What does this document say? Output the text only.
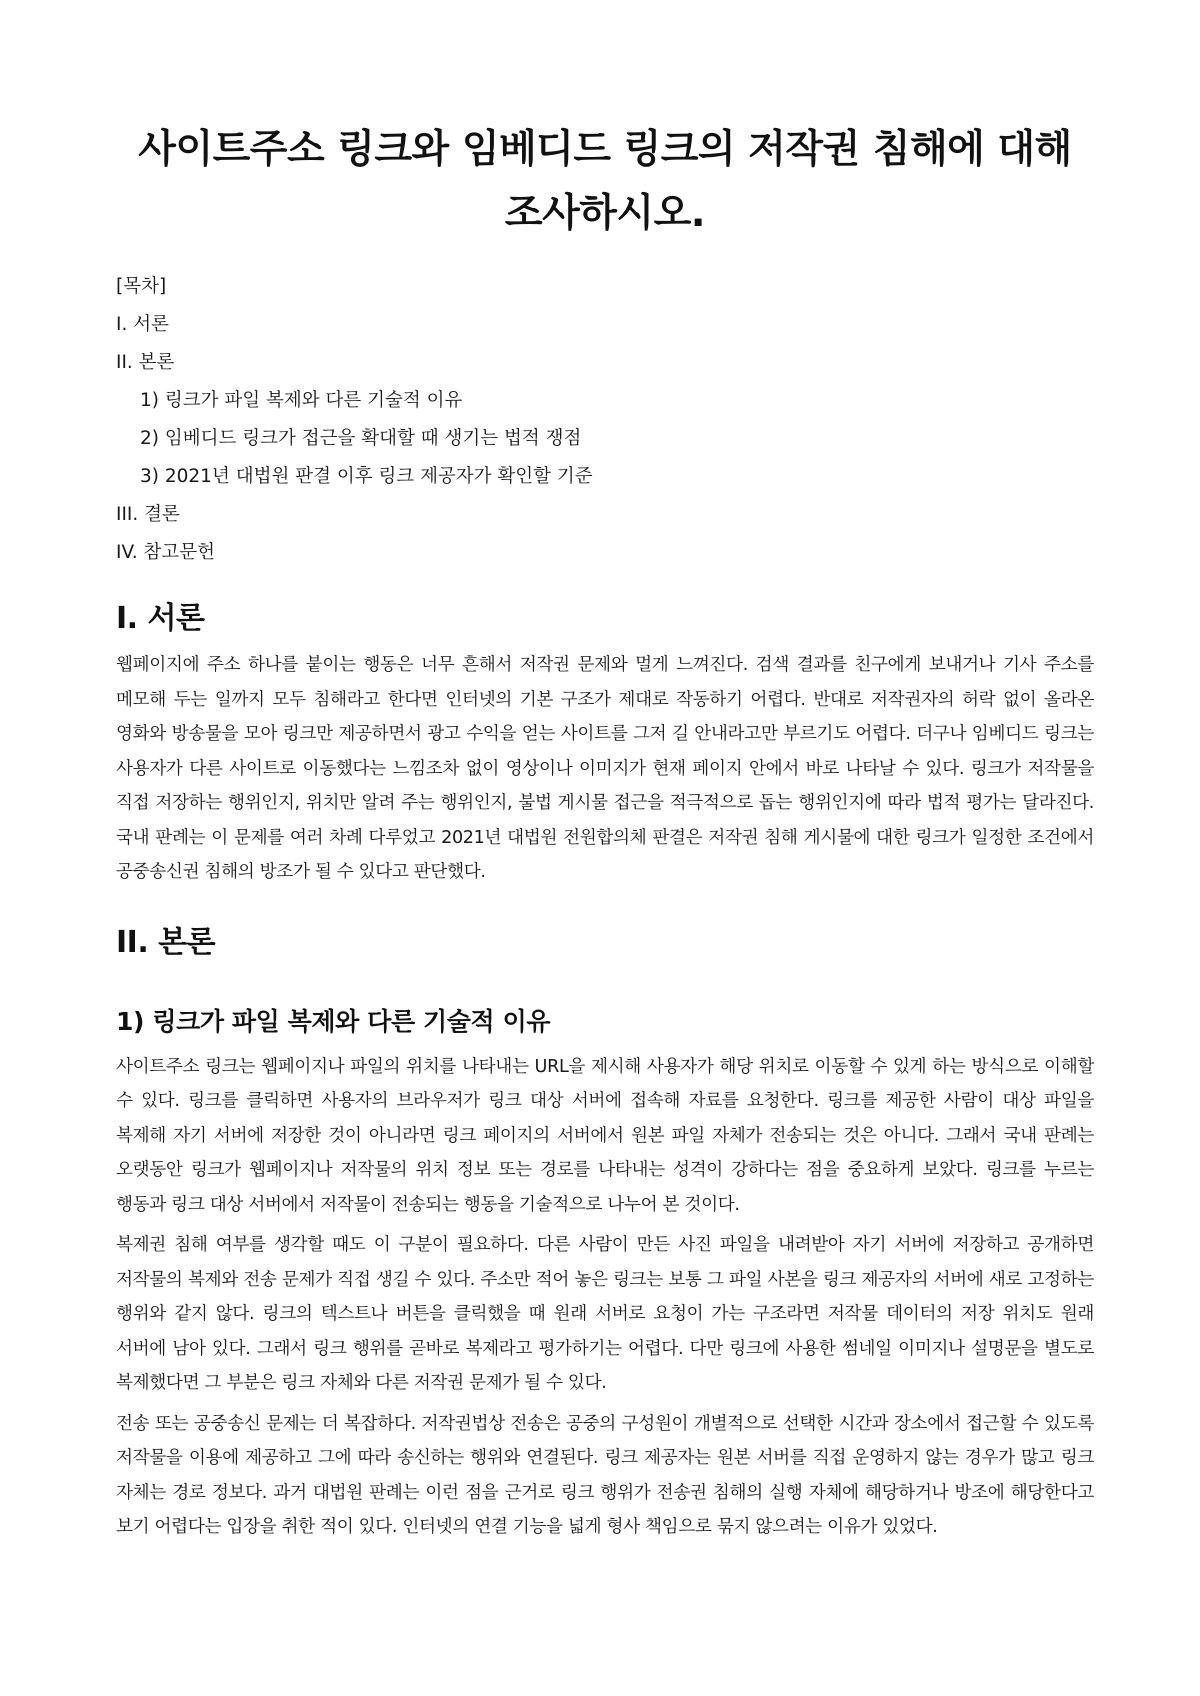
사이트주소 링크와 임베디드 링크의 저작권 침해에 대해 조사하시오.
[목차]
I. 서론
II. 본론
1) 링크가 파일 복제와 다른 기술적 이유
2) 임베디드 링크가 접근을 확대할 때 생기는 법적 쟁점
3) 2021년 대법원 판결 이후 링크 제공자가 확인할 기준
III. 결론
IV. 참고문헌
I. 서론

웹페이지에 주소 하나를 붙이는 행동은 너무 흔해서 저작권 문제와 멀게 느껴진다. 검색 결과를 친구에게 보내거나 기사 주소를 메모해 두는 일까지 모두 침해라고 한다면 인터넷의 기본 구조가 제대로 작동하기 어렵다. 반대로 저작권자의 허락 없이 올라온 영화와 방송물을 모아 링크만 제공하면서 광고 수익을 얻는 사이트를 그저 길 안내라고만 부르기도 어렵다. 더구나 임베디드 링크는 사용자가 다른 사이트로 이동했다는 느낌조차 없이 영상이나 이미지가 현재 페이지 안에서 바로 나타날 수 있다. 링크가 저작물을 직접 저장하는 행위인지, 위치만 알려 주는 행위인지, 불법 게시물 접근을 적극적으로 돕는 행위인지에 따라 법적 평가는 달라진다. 국내 판례는 이 문제를 여러 차례 다루었고 2021년 대법원 전원합의체 판결은 저작권 침해 게시물에 대한 링크가 일정한 조건에서 공중송신권 침해의 방조가 될 수 있다고 판단했다.

II. 본론
1) 링크가 파일 복제와 다른 기술적 이유

사이트주소 링크는 웹페이지나 파일의 위치를 나타내는 URL을 제시해 사용자가 해당 위치로 이동할 수 있게 하는 방식으로 이해할 수 있다. 링크를 클릭하면 사용자의 브라우저가 링크 대상 서버에 접속해 자료를 요청한다. 링크를 제공한 사람이 대상 파일을 복제해 자기 서버에 저장한 것이 아니라면 링크 페이지의 서버에서 원본 파일 자체가 전송되는 것은 아니다. 그래서 국내 판례는 오랫동안 링크가 웹페이지나 저작물의 위치 정보 또는 경로를 나타내는 성격이 강하다는 점을 중요하게 보았다. 링크를 누르는 행동과 링크 대상 서버에서 저작물이 전송되는 행동을 기술적으로 나누어 본 것이다.

복제권 침해 여부를 생각할 때도 이 구분이 필요하다. 다른 사람이 만든 사진 파일을 내려받아 자기 서버에 저장하고 공개하면 저작물의 복제와 전송 문제가 직접 생길 수 있다. 주소만 적어 놓은 링크는 보통 그 파일 사본을 링크 제공자의 서버에 새로 고정하는 행위와 같지 않다. 링크의 텍스트나 버튼을 클릭했을 때 원래 서버로 요청이 가는 구조라면 저작물 데이터의 저장 위치도 원래 서버에 남아 있다. 그래서 링크 행위를 곧바로 복제라고 평가하기는 어렵다. 다만 링크에 사용한 썸네일 이미지나 설명문을 별도로 복제했다면 그 부분은 링크 자체와 다른 저작권 문제가 될 수 있다.

전송 또는 공중송신 문제는 더 복잡하다. 저작권법상 전송은 공중의 구성원이 개별적으로 선택한 시간과 장소에서 접근할 수 있도록 저작물을 이용에 제공하고 그에 따라 송신하는 행위와 연결된다. 링크 제공자는 원본 서버를 직접 운영하지 않는 경우가 많고 링크 자체는 경로 정보다. 과거 대법원 판례는 이런 점을 근거로 링크 행위가 전송권 침해의 실행 자체에 해당하거나 방조에 해당한다고 보기 어렵다는 입장을 취한 적이 있다. 인터넷의 연결 기능을 넓게 형사 책임으로 묶지 않으려는 이유가 있었다.
